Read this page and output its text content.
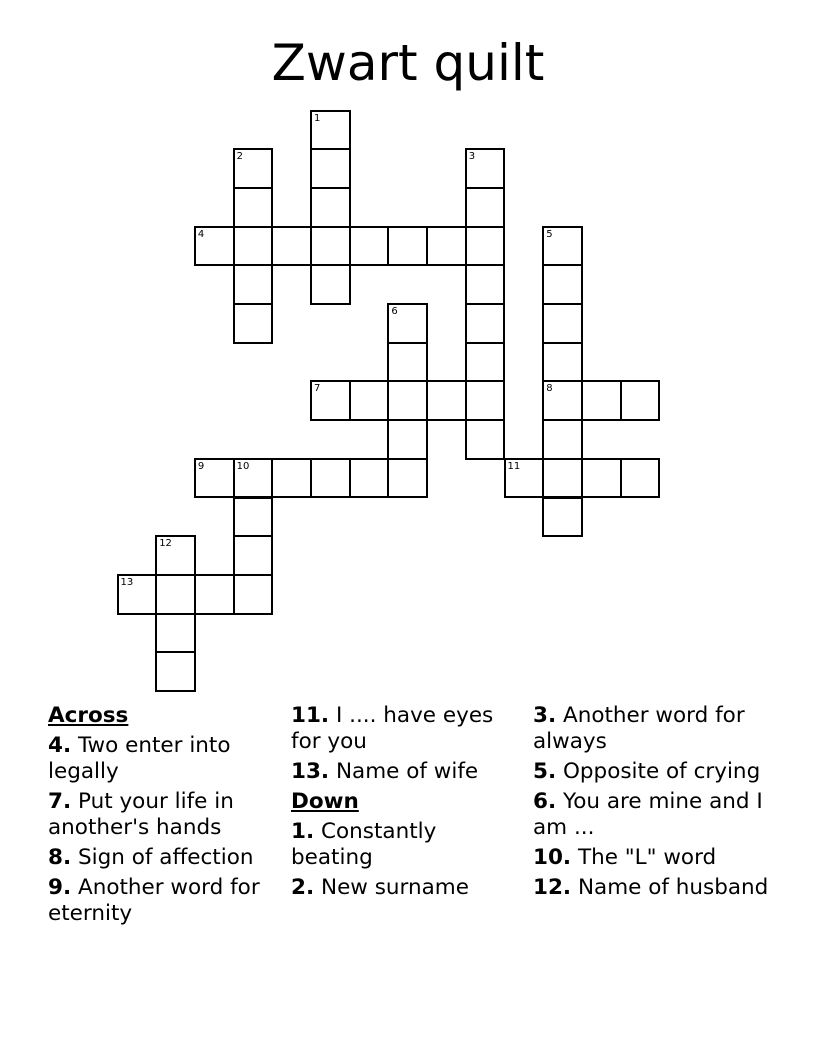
Zwart quilt
1
2	3
4	5
6
7	8
9	10	11
12
13
Across
4. Two enter into legally
7. Put your life in another's hands
8. Sign of affection
9. Another word for eternity
11. I .... have eyes for you
13. Name of wife
Down
1. Constantly beating
2. New surname
3. Another word for always
5. Opposite of crying
6. You are mine and I am ...
10. The "L" word
12. Name of husband
